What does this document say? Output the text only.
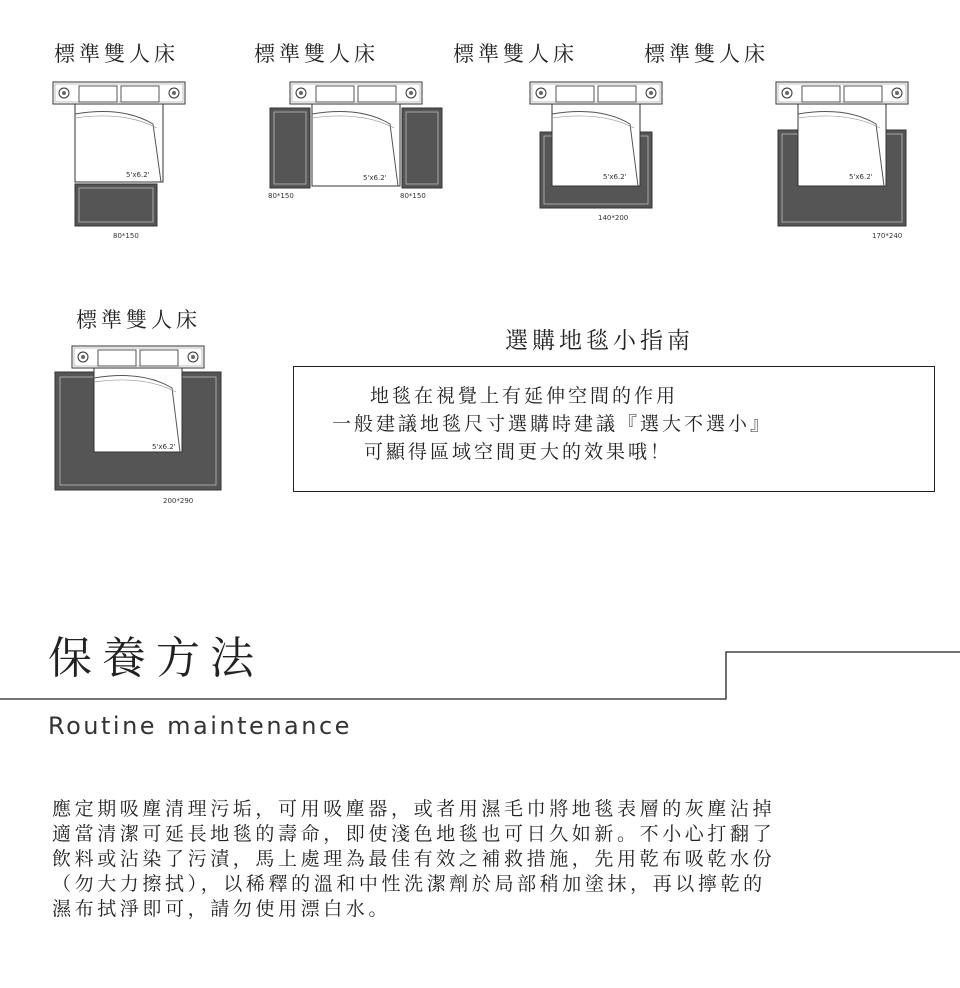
標準雙人床	標準雙人床	標準雙人床	標準雙人床
標準雙人床
5'x6.2'
80*150
5'x6.2'
80*150	80*150
5'x6.2'
140*200
5'x6.2'
170*240
5'x6.2'
200*290
選購地毯小指南
地毯在視覺上有延伸空間的作用
一般建議地毯尺寸選購時建議『選大不選小』
可顯得區域空間更大的效果哦！
保養方法
Routine maintenance
應定期吸塵清理污垢，可用吸塵器，或者用濕毛巾將地毯表層的灰塵沾掉
適當清潔可延長地毯的壽命，即使淺色地毯也可日久如新。不小心打翻了
飲料或沾染了污漬，馬上處理為最佳有效之補救措施，先用乾布吸乾水份
（勿大力擦拭），以稀釋的溫和中性洗潔劑於局部稍加塗抹，再以擰乾的
濕布拭淨即可，請勿使用漂白水。
